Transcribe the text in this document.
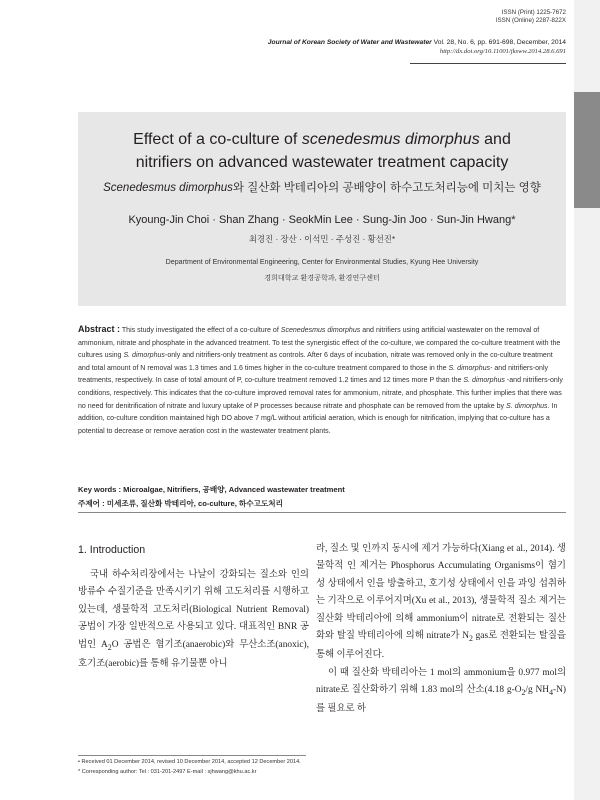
ISSN (Print) 1225-7672
ISSN (Online) 2287-822X
Journal of Korean Society of Water and Wastewater Vol. 28, No. 6, pp. 691-698, December, 2014
http://dx.doi.org/10.11001/jksww.2014.28.6.691
Effect of a co-culture of scenedesmus dimorphus and
nitrifiers on advanced wastewater treatment capacity
Scenedesmus dimorphus와 질산화 박테리아의 공배양이 하수고도처리능에 미치는 영향
Kyoung-Jin Choi · Shan Zhang · SeokMin Lee · Sung-Jin Joo · Sun-Jin Hwang*
최경진 · 장산 · 이석민 · 주성진 · 황선진*
Department of Environmental Engineering, Center for Environmental Studies, Kyung Hee University
경희대학교 환경공학과, 환경연구센터
Abstract : This study investigated the effect of a co-culture of Scenedesmus dimorphus and nitrifiers using artificial wastewater on the removal of ammonium, nitrate and phosphate in the advanced treatment. To test the synergistic effect of the co-culture, we compared the co-culture treatment with the cultures using S. dimorphus-only and nitrifiers-only treatment as controls. After 6 days of incubation, nitrate was removed only in the co-culture treatment and total amount of N removal was 1.3 times and 1.6 times higher in the co-culture treatment compared to those in the S. dimorphus- and nitrifiers-only treatments, respectively. In case of total amount of P, co-culture treatment removed 1.2 times and 12 times more P than the S. dimorphus -and nitrifiers-only conditions, respectively. This indicates that the co-culture improved removal rates for ammonium, nitrate, and phosphate. This further implies that there was no need for denitrification of nitrate and luxury uptake of P processes because nitrate and phosphate can be removed from the uptake by S. dimorphus. In addition, co-culture condition maintained high DO above 7 mg/L without artificial aeration, which is enough for nitrification, implying that co-culture has a potential to decrease or remove aeration cost in the wastewater treatment plants.
Key words : Microalgae, Nitrifiers, 공배양, Advanced wastewater treatment
주제어 : 미세조류, 질산화 박테리아, co-culture, 하수고도처리
1. Introduction

국내 하수처리장에서는 나날이 강화되는 질소와 인의 방류수 수질기준을 만족시키기 위해 고도처리를 시행하고 있는데, 생물학적 고도처리(Biological Nutrient Removal) 공법이 가장 일반적으로 사용되고 있다. 대표적인 BNR 공법인 $A_2O$ 공법은 혐기조(anaerobic)와 무산소조(anoxic), 호기조(aerobic)를 통해 유기물뿐 아니

라, 질소 및 인까지 동시에 제거 가능하다(Xiang et al., 2014). 생물학적 인 제거는 Phosphorus Accumulating Organisms이 혐기성 상태에서 인을 방출하고, 호기성 상태에서 인을 과잉 섭취하는 기작으로 이루어지며(Xu et al., 2013), 생물학적 질소 제거는 질산화 박테리아에 의해 ammonium이 nitrate로 전환되는 질산화와 탈질 박테리아에 의해 nitrate가 $N_2$ gas로 전환되는 탈질을 통해 이루어진다.

이 때 질산화 박테리아는 1 mol의 ammonium을 0.977 mol의 nitrate로 질산화하기 위해 1.83 mol의 산소(4.18 $g-O_2/g$ $NH_4-N$)를 필요로 하

• Received 01 December 2014, revised 10 December 2014, accepted 12 December 2014.
* Corresponding author: Tel : 031-201-2497 E-mail : sjhwang@khu.ac.kr
